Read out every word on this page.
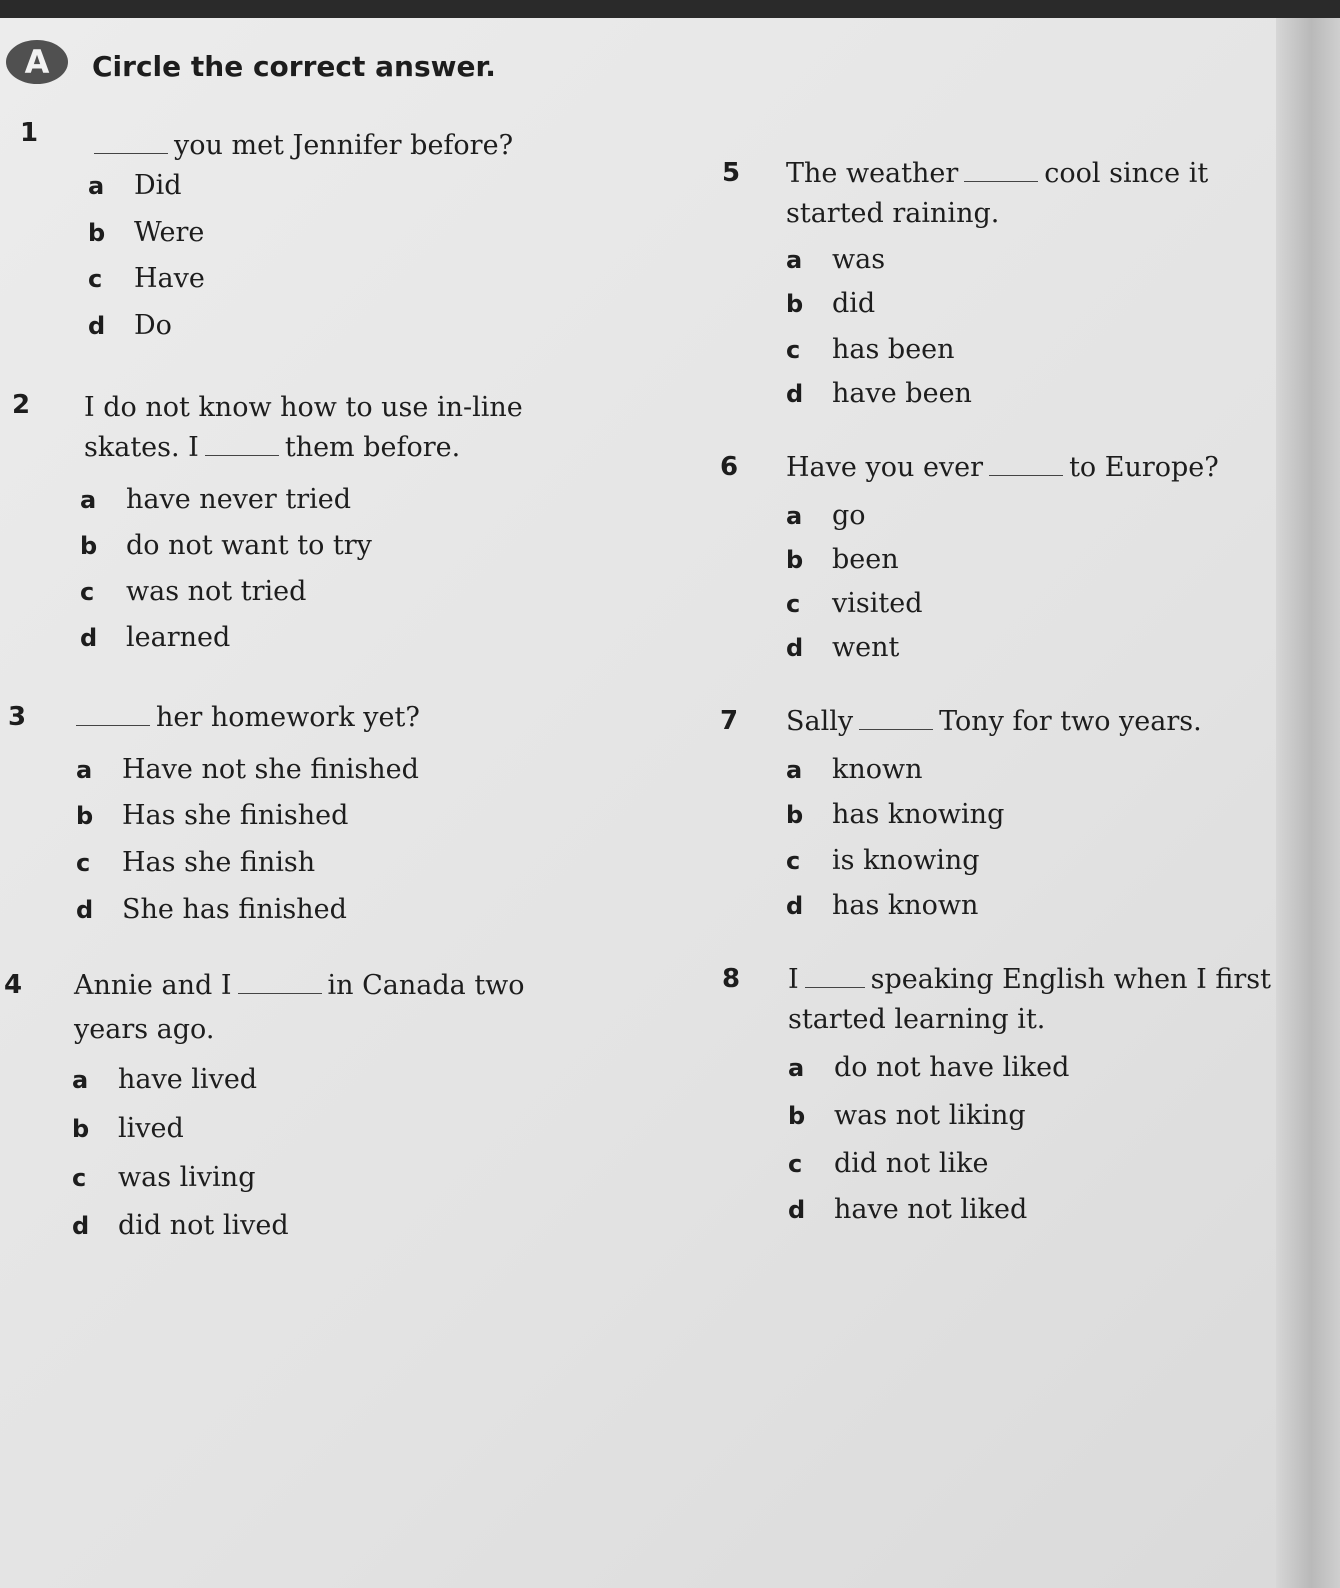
A	Circle the correct answer.
1	you met Jennifer before?
a Did
b Were
c Have
d Do
2 I do not know how to use in-line
skates. I	them before.
a have never tried
b do not want to try
c was not tried
d learned
3	her homework yet?
a Have not she finished
b Has she finished
c Has she finish
d She has finished
4 Annie and I	in Canada two
years ago.
a have lived
b lived
c was living
d did not lived
5 The weather	cool since it
started raining.
a was
b did
c has been
d have been
6 Have you ever	to Europe?
a go
b been
c visited
d went
7 Sally	Tony for two years.
a known
b has knowing
c is knowing
d has known
8 I	speaking English when I first
started learning it.
a do not have liked
b was not liking
c did not like
d have not liked
